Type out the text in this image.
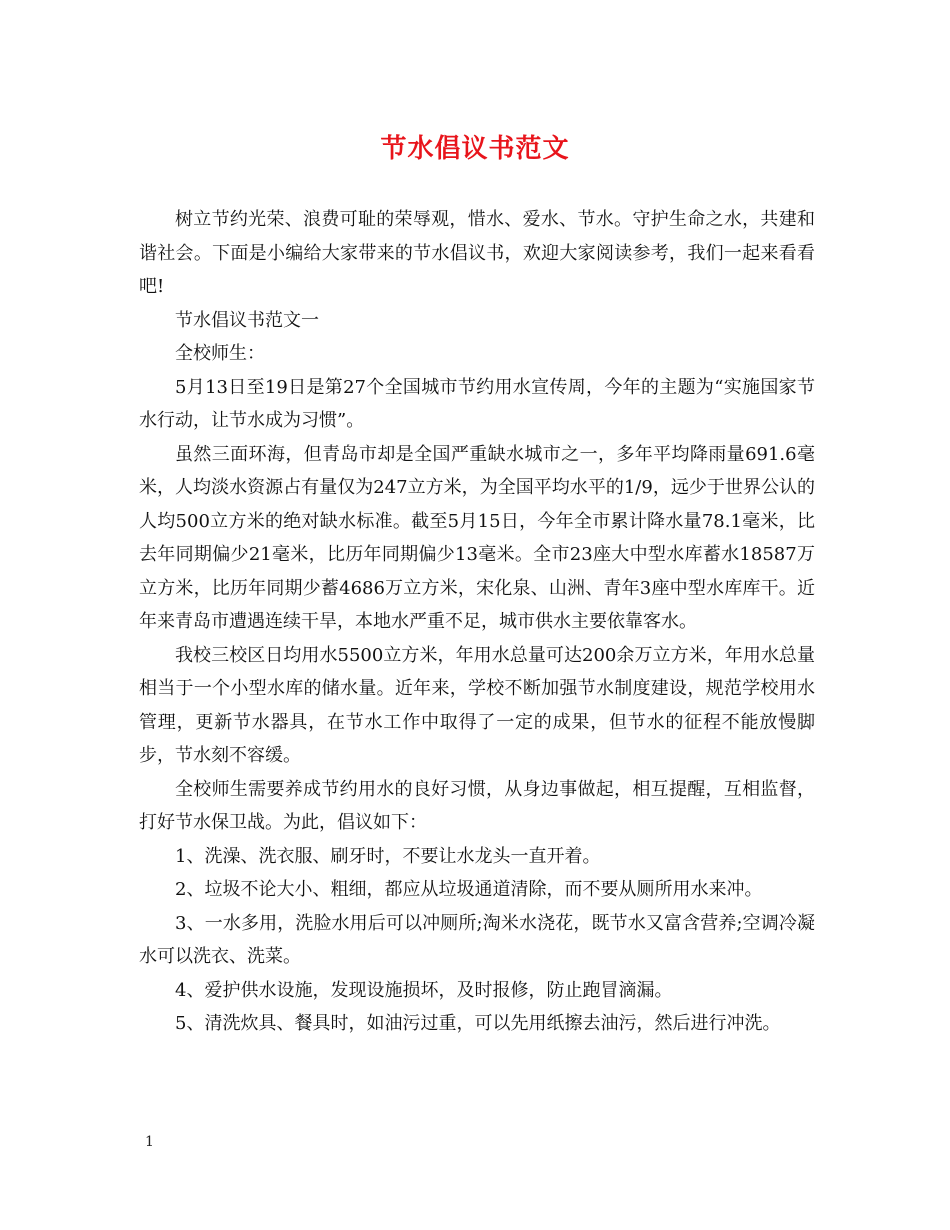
节水倡议书范文

树立节约光荣、浪费可耻的荣辱观，惜水、爱水、节水。守护生命之水，共建和谐社会。下面是小编给大家带来的节水倡议书，欢迎大家阅读参考，我们一起来看看吧!

节水倡议书范文一

全校师生：

5月13日至19日是第27个全国城市节约用水宣传周，今年的主题为“实施国家节水行动，让节水成为习惯”。

虽然三面环海，但青岛市却是全国严重缺水城市之一，多年平均降雨量691.6毫米，人均淡水资源占有量仅为247立方米，为全国平均水平的1/9，远少于世界公认的人均500立方米的绝对缺水标准。截至5月15日，今年全市累计降水量78.1毫米，比去年同期偏少21毫米，比历年同期偏少13毫米。全市23座大中型水库蓄水18587万立方米，比历年同期少蓄4686万立方米，宋化泉、山洲、青年3座中型水库库干。近年来青岛市遭遇连续干旱，本地水严重不足，城市供水主要依靠客水。

我校三校区日均用水5500立方米，年用水总量可达200余万立方米，年用水总量相当于一个小型水库的储水量。近年来，学校不断加强节水制度建设，规范学校用水管理，更新节水器具，在节水工作中取得了一定的成果，但节水的征程不能放慢脚步，节水刻不容缓。

全校师生需要养成节约用水的良好习惯，从身边事做起，相互提醒，互相监督，打好节水保卫战。为此，倡议如下：

1、洗澡、洗衣服、刷牙时，不要让水龙头一直开着。

2、垃圾不论大小、粗细，都应从垃圾通道清除，而不要从厕所用水来冲。

3、一水多用，洗脸水用后可以冲厕所;淘米水浇花，既节水又富含营养;空调冷凝水可以洗衣、洗菜。

4、爱护供水设施，发现设施损坏，及时报修，防止跑冒滴漏。

5、清洗炊具、餐具时，如油污过重，可以先用纸擦去油污，然后进行冲洗。

1
